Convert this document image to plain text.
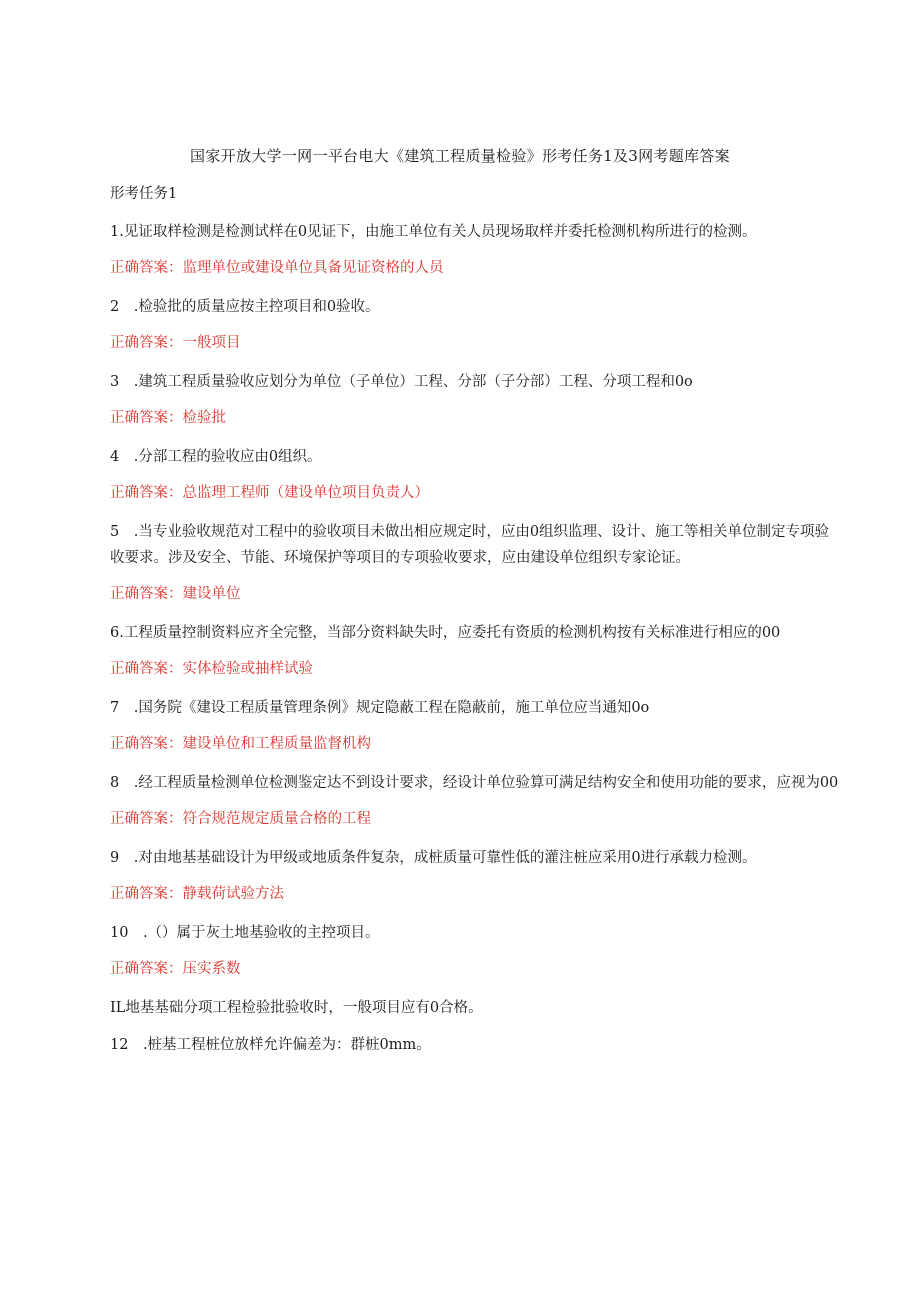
国家开放大学一网一平台电大《建筑工程质量检验》形考任务1及3网考题库答案
形考任务1
1.见证取样检测是检测试样在0见证下，由施工单位有关人员现场取样并委托检测机构所进行的检测。
正确答案：监理单位或建设单位具备见证资格的人员
2　.检验批的质量应按主控项目和0验收。
正确答案：一般项目
3　.建筑工程质量验收应划分为单位（子单位）工程、分部（子分部）工程、分项工程和0o
正确答案：检验批
4　.分部工程的验收应由0组织。
正确答案：总监理工程师（建设单位项目负责人）
5　.当专业验收规范对工程中的验收项目未做出相应规定时，应由0组织监理、设计、施工等相关单位制定专项验收要求。涉及安全、节能、环境保护等项目的专项验收要求，应由建设单位组织专家论证。
正确答案：建设单位
6.工程质量控制资料应齐全完整，当部分资料缺失时，应委托有资质的检测机构按有关标准进行相应的00
正确答案：实体检验或抽样试验
7　.国务院《建设工程质量管理条例》规定隐蔽工程在隐蔽前，施工单位应当通知0o
正确答案：建设单位和工程质量监督机构
8　.经工程质量检测单位检测鉴定达不到设计要求，经设计单位验算可满足结构安全和使用功能的要求，应视为00
正确答案：符合规范规定质量合格的工程
9　.对由地基基础设计为甲级或地质条件复杂，成桩质量可靠性低的灌注桩应采用0进行承载力检测。
正确答案：静载荷试验方法
10　.（）属于灰土地基验收的主控项目。
正确答案：压实系数
IL地基基础分项工程检验批验收时，一般项目应有0合格。
12　.桩基工程桩位放样允许偏差为：群桩0mm。
